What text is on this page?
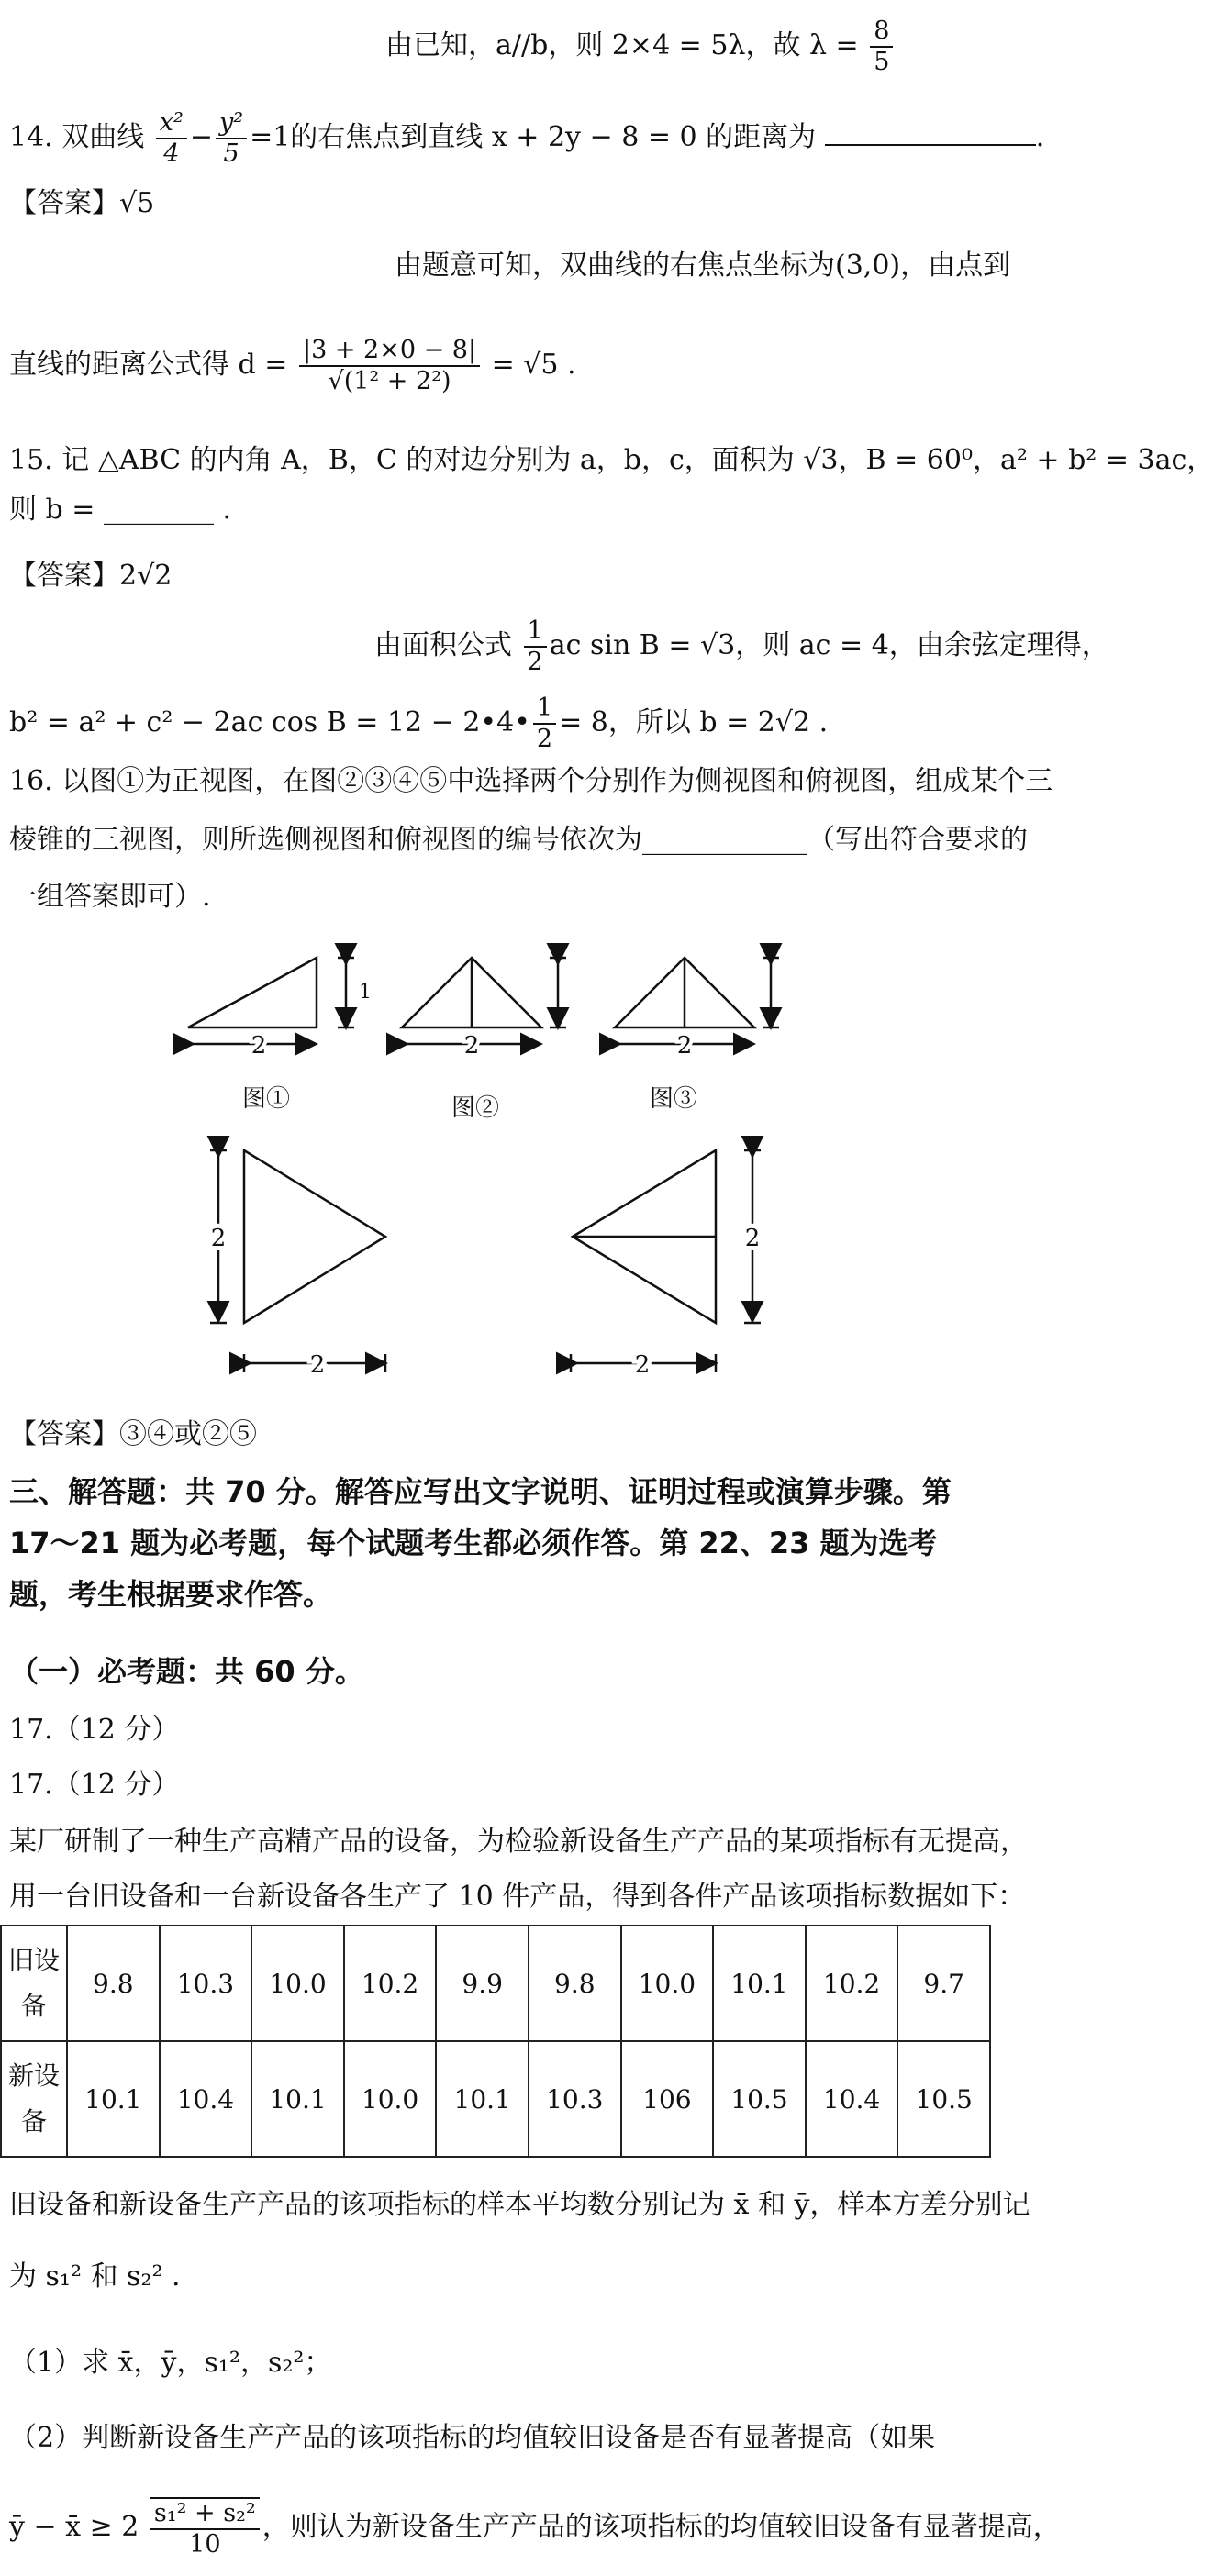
由已知，a//b，则 2×4 = 5λ，故 $\lambda = \frac{8}{5}$
14. 双曲线 $\frac{\text{x²}}{4} - \frac{\text{y²}}{5} =1$的右焦点到直线 x + 2y − 8 = 0 的距离为	.
【答案】√5
由题意可知，双曲线的右焦点坐标为(3,0)，由点到
直线的距离公式得 $d = \frac{|3 + 2\times 0 - 8|}{\text{√(1² + 2²)}} = √5$ .
15. 记 △ABC 的内角 A，B，C 的对边分别为 a，b，c，面积为 √3，B = 60⁰，a² + b² = 3ac，
则 b = ________ .
【答案】2√2
由面积公式 $\frac{1}{2}$ ac sin B = √3，则 ac = 4，由余弦定理得，
b² = a² + c² − 2ac cos B = 12 − 2•4• $\frac{1}{2} = 8$，所以 b = 2√2 .
16. 以图①为正视图，在图②③④⑤中选择两个分别作为侧视图和俯视图，组成某个三
棱锥的三视图，则所选侧视图和俯视图的编号依次为____________（写出符合要求的
一组答案即可）.
2
1
2	2
图①	图②	图③
2
2
2
2
【答案】③④或②⑤
三、解答题：共 70 分。解答应写出文字说明、证明过程或演算步骤。第 17～21 题为必考题，每个试题考生都必须作答。第 22、23 题为选考题，考生根据要求作答。
（一）必考题：共 60 分。
17.（12 分）
17.（12 分）
某厂研制了一种生产高精产品的设备，为检验新设备生产产品的某项指标有无提高，
用一台旧设备和一台新设备各生产了 10 件产品，得到各件产品该项指标数据如下：
旧设
备	9.8	10.3	10.0	10.2	9.9	9.8	10.0	10.1	10.2	9.7
新设
备	10.1	10.4	10.1	10.0	10.1	10.3	106	10.5	10.4	10.5
旧设备和新设备生产产品的该项指标的样本平均数分别记为 x̄ 和 ȳ，样本方差分别记
为 s₁² 和 s₂² .
（1）求 x̄，ȳ，s₁²，s₂²；
（2）判断新设备生产产品的该项指标的均值较旧设备是否有显著提高（如果
ȳ − x̄ ≥ $2 \frac{\text{s₁² + s₂²}}{10}$ ，则认为新设备生产产品的该项指标的均值较旧设备有显著提高，
